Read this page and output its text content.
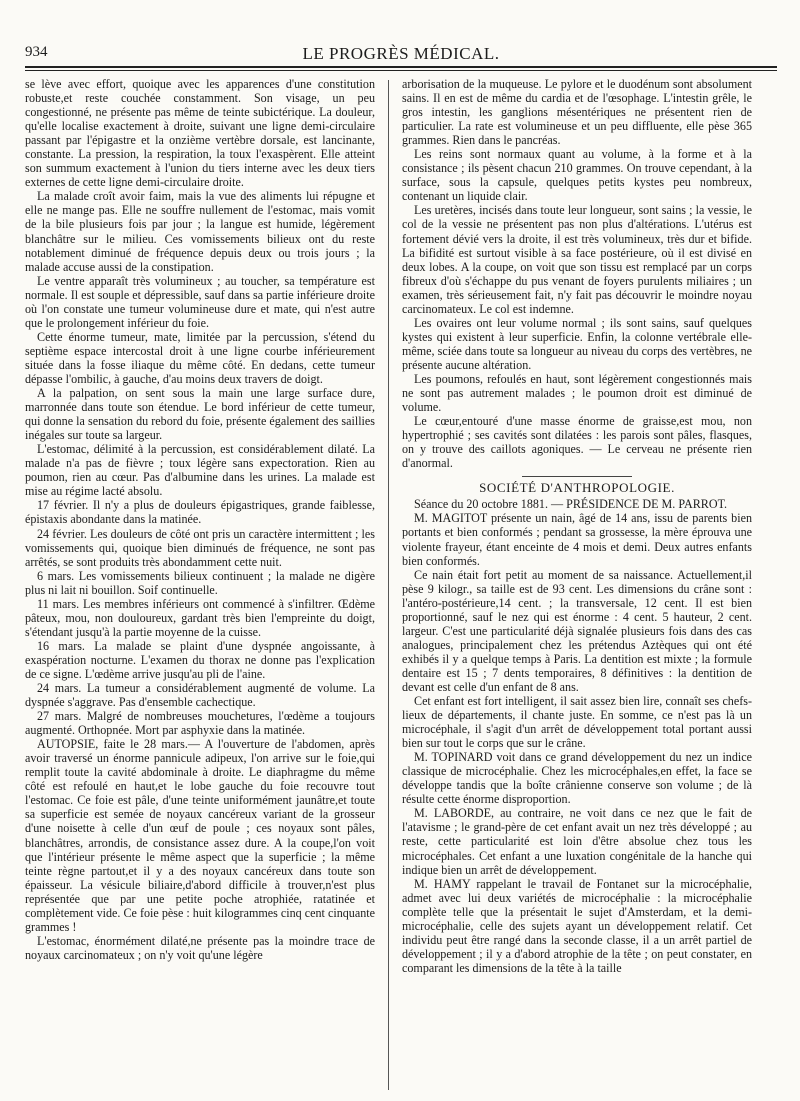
934	LE PROGRÈS MÉDICAL.

se lève avec effort, quoique avec les apparences d'une constitution robuste,et reste couchée constamment. Son visage, un peu congestionné, ne présente pas même de teinte subictérique. La douleur, qu'elle localise exactement à droite, suivant une ligne demi-circulaire passant par l'épigastre et la onzième vertèbre dorsale, est lancinante, constante. La pression, la respiration, la toux l'exaspèrent. Elle atteint son summum exactement à l'union du tiers interne avec les deux tiers externes de cette ligne demi-circulaire droite.

La malade croît avoir faim, mais la vue des aliments lui répugne et elle ne mange pas. Elle ne souffre nullement de l'estomac, mais vomit de la bile plusieurs fois par jour ; la langue est humide, légèrement blanchâtre sur le milieu. Ces vomissements bilieux ont du reste notablement diminué de fréquence depuis deux ou trois jours ; la malade accuse aussi de la constipation.

Le ventre apparaît très volumineux ; au toucher, sa température est normale. Il est souple et dépressible, sauf dans sa partie inférieure droite où l'on constate une tumeur volumineuse dure et mate, qui n'est autre que le prolongement inférieur du foie.

Cette énorme tumeur, mate, limitée par la percussion, s'étend du septième espace intercostal droit à une ligne courbe inférieurement située dans la fosse iliaque du même côté. En dedans, cette tumeur dépasse l'ombilic, à gauche, d'au moins deux travers de doigt.

A la palpation, on sent sous la main une large surface dure, marronnée dans toute son étendue. Le bord inférieur de cette tumeur, qui donne la sensation du rebord du foie, présente également des saillies inégales sur toute sa largeur.

L'estomac, délimité à la percussion, est considérablement dilaté. La malade n'a pas de fièvre ; toux légère sans expectoration. Rien au poumon, rien au cœur. Pas d'albumine dans les urines. La malade est mise au régime lacté absolu.

17 février. Il n'y a plus de douleurs épigastriques, grande faiblesse, épistaxis abondante dans la matinée.

24 février. Les douleurs de côté ont pris un caractère intermittent ; les vomissements qui, quoique bien diminués de fréquence, ne sont pas arrêtés, se sont produits très abondamment cette nuit.

6 mars. Les vomissements bilieux continuent ; la malade ne digère plus ni lait ni bouillon. Soif continuelle.

11 mars. Les membres inférieurs ont commencé à s'infiltrer. Œdème pâteux, mou, non douloureux, gardant très bien l'empreinte du doigt, s'étendant jusqu'à la partie moyenne de la cuisse.

16 mars. La malade se plaint d'une dyspnée angoissante, à exaspération nocturne. L'examen du thorax ne donne pas l'explication de ce signe. L'œdème arrive jusqu'au pli de l'aine.

24 mars. La tumeur a considérablement augmenté de volume. La dyspnée s'aggrave. Pas d'ensemble cachectique.

27 mars. Malgré de nombreuses mouchetures, l'œdème a toujours augmenté. Orthopnée. Mort par asphyxie dans la matinée.

AUTOPSIE, faite le 28 mars.— A l'ouverture de l'abdomen, après avoir traversé un énorme pannicule adipeux, l'on arrive sur le foie,qui remplit toute la cavité abdominale à droite. Le diaphragme du même côté est refoulé en haut,et le lobe gauche du foie recouvre tout l'estomac. Ce foie est pâle, d'une teinte uniformément jaunâtre,et toute sa superficie est semée de noyaux cancéreux variant de la grosseur d'une noisette à celle d'un œuf de poule ; ces noyaux sont pâles, blanchâtres, arrondis, de consistance assez dure. A la coupe,l'on voit que l'intérieur présente le même aspect que la superficie ; la même teinte règne partout,et il y a des noyaux cancéreux dans toute son épaisseur. La vésicule biliaire,d'abord difficile à trouver,n'est plus représentée que par une petite poche atrophiée, ratatinée et complètement vide. Ce foie pèse : huit kilogrammes cinq cent cinquante grammes !

L'estomac, énormément dilaté,ne présente pas la moindre trace de noyaux carcinomateux ; on n'y voit qu'une légère

arborisation de la muqueuse. Le pylore et le duodénum sont absolument sains. Il en est de même du cardia et de l'œsophage. L'intestin grêle, le gros intestin, les ganglions mésentériques ne présentent rien de particulier. La rate est volumineuse et un peu diffluente, elle pèse 365 grammes. Rien dans le pancréas.

Les reins sont normaux quant au volume, à la forme et à la consistance ; ils pèsent chacun 210 grammes. On trouve cependant, à la surface, sous la capsule, quelques petits kystes peu nombreux, contenant un liquide clair.

Les uretères, incisés dans toute leur longueur, sont sains ; la vessie, le col de la vessie ne présentent pas non plus d'altérations. L'utérus est fortement dévié vers la droite, il est très volumineux, très dur et bifide. La bifidité est surtout visible à sa face postérieure, où il est divisé en deux lobes. A la coupe, on voit que son tissu est remplacé par un corps fibreux d'où s'échappe du pus venant de foyers purulents miliaires ; un examen, très sérieusement fait, n'y fait pas découvrir le moindre noyau carcinomateux. Le col est indemne.

Les ovaires ont leur volume normal ; ils sont sains, sauf quelques kystes qui existent à leur superficie. Enfin, la colonne vertébrale elle-même, sciée dans toute sa longueur au niveau du corps des vertèbres, ne présente aucune altération.

Les poumons, refoulés en haut, sont légèrement congestionnés mais ne sont pas autrement malades ; le poumon droit est diminué de volume.

Le cœur,entouré d'une masse énorme de graisse,est mou, non hypertrophié ; ses cavités sont dilatées : les parois sont pâles, flasques, on y trouve des caillots agoniques. — Le cerveau ne présente rien d'anormal.

SOCIÉTÉ D'ANTHROPOLOGIE.

Séance du 20 octobre 1881. — PRÉSIDENCE DE M. PARROT.

M. MAGITOT présente un nain, âgé de 14 ans, issu de parents bien portants et bien conformés ; pendant sa grossesse, la mère éprouva une violente frayeur, étant enceinte de 4 mois et demi. Deux autres enfants bien conformés.

Ce nain était fort petit au moment de sa naissance. Actuellement,il pèse 9 kilogr., sa taille est de 93 cent. Les dimensions du crâne sont : l'antéro-postérieure,14 cent. ; la transversale, 12 cent. Il est bien proportionné, sauf le nez qui est énorme : 4 cent. 5 hauteur, 2 cent. largeur. C'est une particularité déjà signalée plusieurs fois dans des cas analogues, principalement chez les prétendus Aztèques qui ont été exhibés il y a quelque temps à Paris. La dentition est mixte ; la formule dentaire est 15 ; 7 dents temporaires, 8 définitives : la dentition de devant est celle d'un enfant de 8 ans.

Cet enfant est fort intelligent, il sait assez bien lire, connaît ses chefs-lieux de départements, il chante juste. En somme, ce n'est pas là un microcéphale, il s'agit d'un arrêt de développement total portant aussi bien sur tout le corps que sur le crâne.

M. TOPINARD voit dans ce grand développement du nez un indice classique de microcéphalie. Chez les microcéphales,en effet, la face se développe tandis que la boîte crânienne conserve son volume ; de là résulte cette énorme disproportion.

M. LABORDE, au contraire, ne voit dans ce nez que le fait de l'atavisme ; le grand-père de cet enfant avait un nez très développé ; au reste, cette particularité est loin d'être absolue chez tous les microcéphales. Cet enfant a une luxation congénitale de la hanche qui indique bien un arrêt de développement.

M. HAMY rappelant le travail de Fontanet sur la microcéphalie, admet avec lui deux variétés de microcéphalie : la microcéphalie complète telle que la présentait le sujet d'Amsterdam, et la demi-microcéphalie, celle des sujets ayant un développement relatif. Cet individu peut être rangé dans la seconde classe, il a un arrêt partiel de développement ; il y a d'abord atrophie de la tête ; on peut constater, en comparant les dimensions de la tête à la taille
